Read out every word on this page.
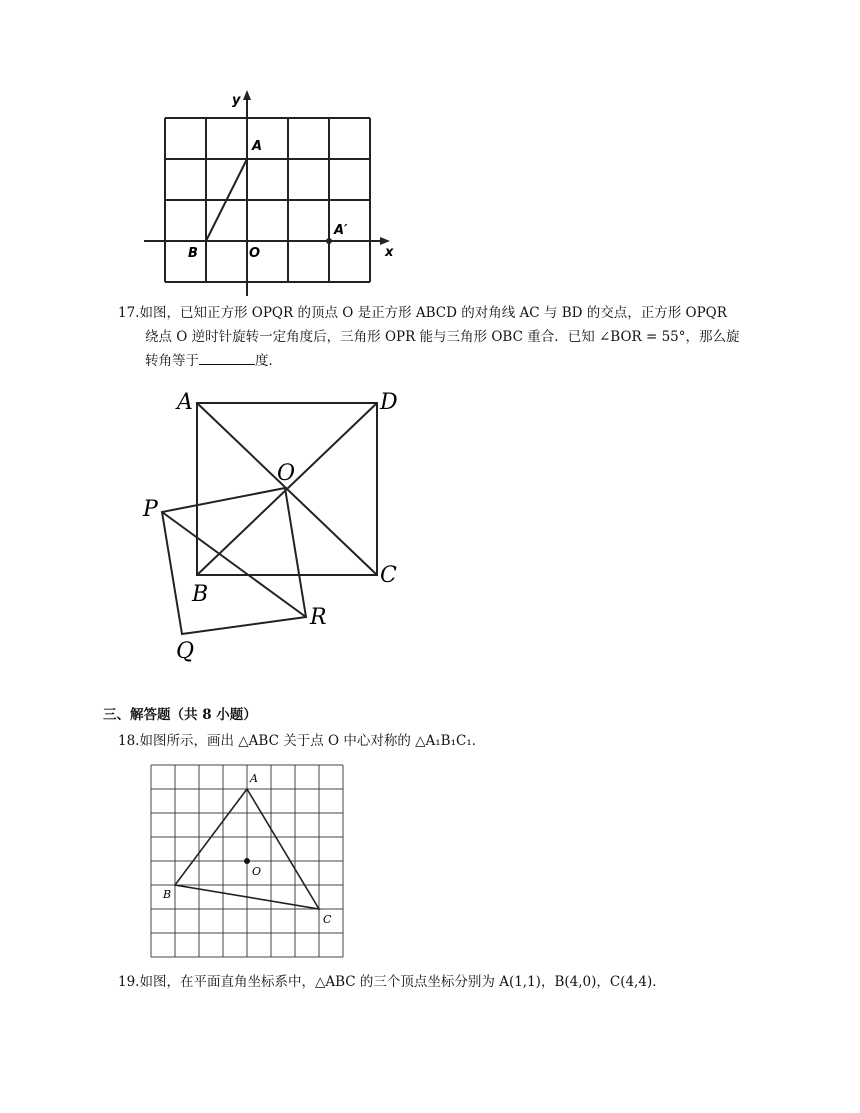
y
x
A
A′
B	O
17.如图，已知正方形 OPQR 的顶点 O 是正方形 ABCD 的对角线 AC 与 BD 的交点，正方形 OPQR
绕点 O 逆时针旋转一定角度后，三角形 OPR 能与三角形 OBC 重合．已知 ∠BOR = 55°，那么旋
转角等于	度．
A	D
O
P
B
C
R
Q
三、解答题（共 8 小题）
18.如图所示，画出 △ABC 关于点 O 中心对称的 △A₁B₁C₁．
A
B
C
O
19.如图，在平面直角坐标系中，△ABC 的三个顶点坐标分别为 A(1,1)，B(4,0)，C(4,4)．
